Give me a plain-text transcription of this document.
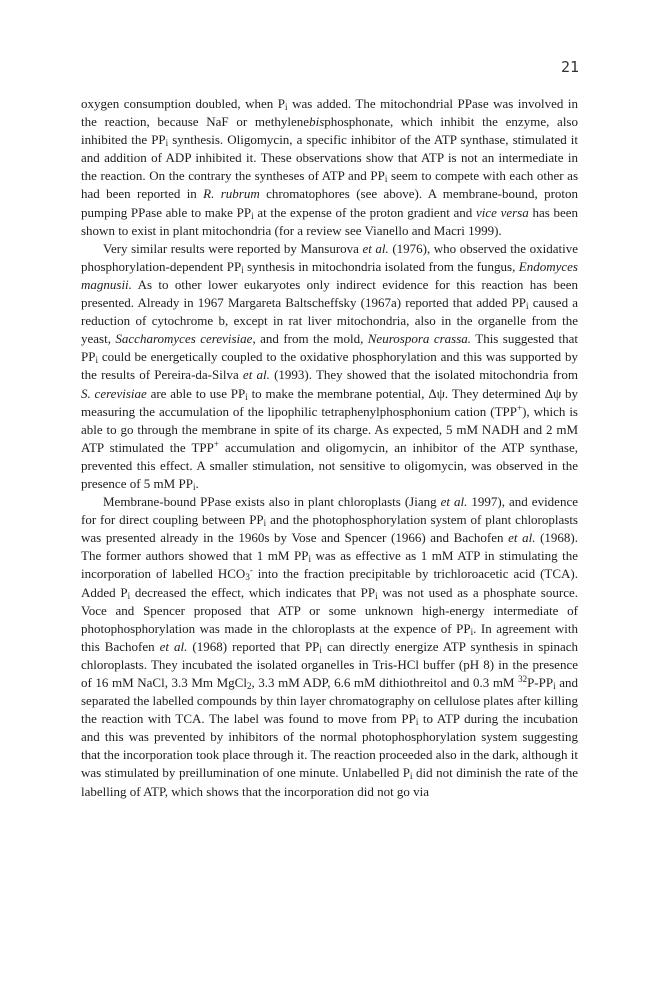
21

oxygen consumption doubled, when $P_i$ was added. The mitochondrial PPase was involved in the reaction, because NaF or methylenebisphosphonate, which inhibit the enzyme, also inhibited the $PP_i$ synthesis. Oligomycin, a specific inhibitor of the ATP synthase, stimulated it and addition of ADP inhibited it. These observations show that ATP is not an intermediate in the reaction. On the contrary the syntheses of ATP and $PP_i$ seem to compete with each other as had been reported in R. rubrum chromatophores (see above). A membrane-bound, proton pumping PPase able to make $PP_i$ at the expense of the proton gradient and vice versa has been shown to exist in plant mitochondria (for a review see Vianello and Macri 1999).

Very similar results were reported by Mansurova et al. (1976), who observed the oxidative phosphorylation-dependent $PP_i$ synthesis in mitochondria isolated from the fungus, Endomyces magnusii. As to other lower eukaryotes only indirect evidence for this reaction has been presented. Already in 1967 Margareta Baltscheffsky (1967a) reported that added $PP_i$ caused a reduction of cytochrome b, except in rat liver mitochondria, also in the organelle from the yeast, Saccharomyces cerevisiae, and from the mold, Neurospora crassa. This suggested that $PP_i$ could be energetically coupled to the oxidative phosphorylation and this was supported by the results of Pereira-da-Silva et al. (1993). They showed that the isolated mitochondria from S. cerevisiae are able to use $PP_i$ to make the membrane potential, Δψ. They determined Δψ by measuring the accumulation of the lipophilic tetraphenylphosphonium cation (TPP+), which is able to go through the membrane in spite of its charge. As expected, 5 mM NADH and 2 mM ATP stimulated the TPP+ accumulation and oligomycin, an inhibitor of the ATP synthase, prevented this effect. A smaller stimulation, not sensitive to oligomycin, was observed in the presence of 5 mM $PP_i$.

Membrane-bound PPase exists also in plant chloroplasts (Jiang et al. 1997), and evidence for for direct coupling between $PP_i$ and the photophosphorylation system of plant chloroplasts was presented already in the 1960s by Vose and Spencer (1966) and Bachofen et al. (1968). The former authors showed that 1 mM $PP_i$ was as effective as 1 mM ATP in stimulating the incorporation of labelled $HCO_3^-$ into the fraction precipitable by trichloroacetic acid (TCA). Added $P_i$ decreased the effect, which indicates that $PP_i$ was not used as a phosphate source. Voce and Spencer proposed that ATP or some unknown high-energy intermediate of photophosphorylation was made in the chloroplasts at the expence of $PP_i$. In agreement with this Bachofen et al. (1968) reported that $PP_i$ can directly energize ATP synthesis in spinach chloroplasts. They incubated the isolated organelles in Tris-HCl buffer (pH 8) in the presence of 16 mM NaCl, 3.3 Mm MgCl$_2$, 3.3 mM ADP, 6.6 mM dithiothreitol and 0.3 mM $^{32}P-PP_i$ and separated the labelled compounds by thin layer chromatography on cellulose plates after killing the reaction with TCA. The label was found to move from $PP_i$ to ATP during the incubation and this was prevented by inhibitors of the normal photophosphorylation system suggesting that the incorporation took place through it. The reaction proceeded also in the dark, although it was stimulated by preillumination of one minute. Unlabelled $P_i$ did not diminish the rate of the labelling of ATP, which shows that the incorporation did not go via
